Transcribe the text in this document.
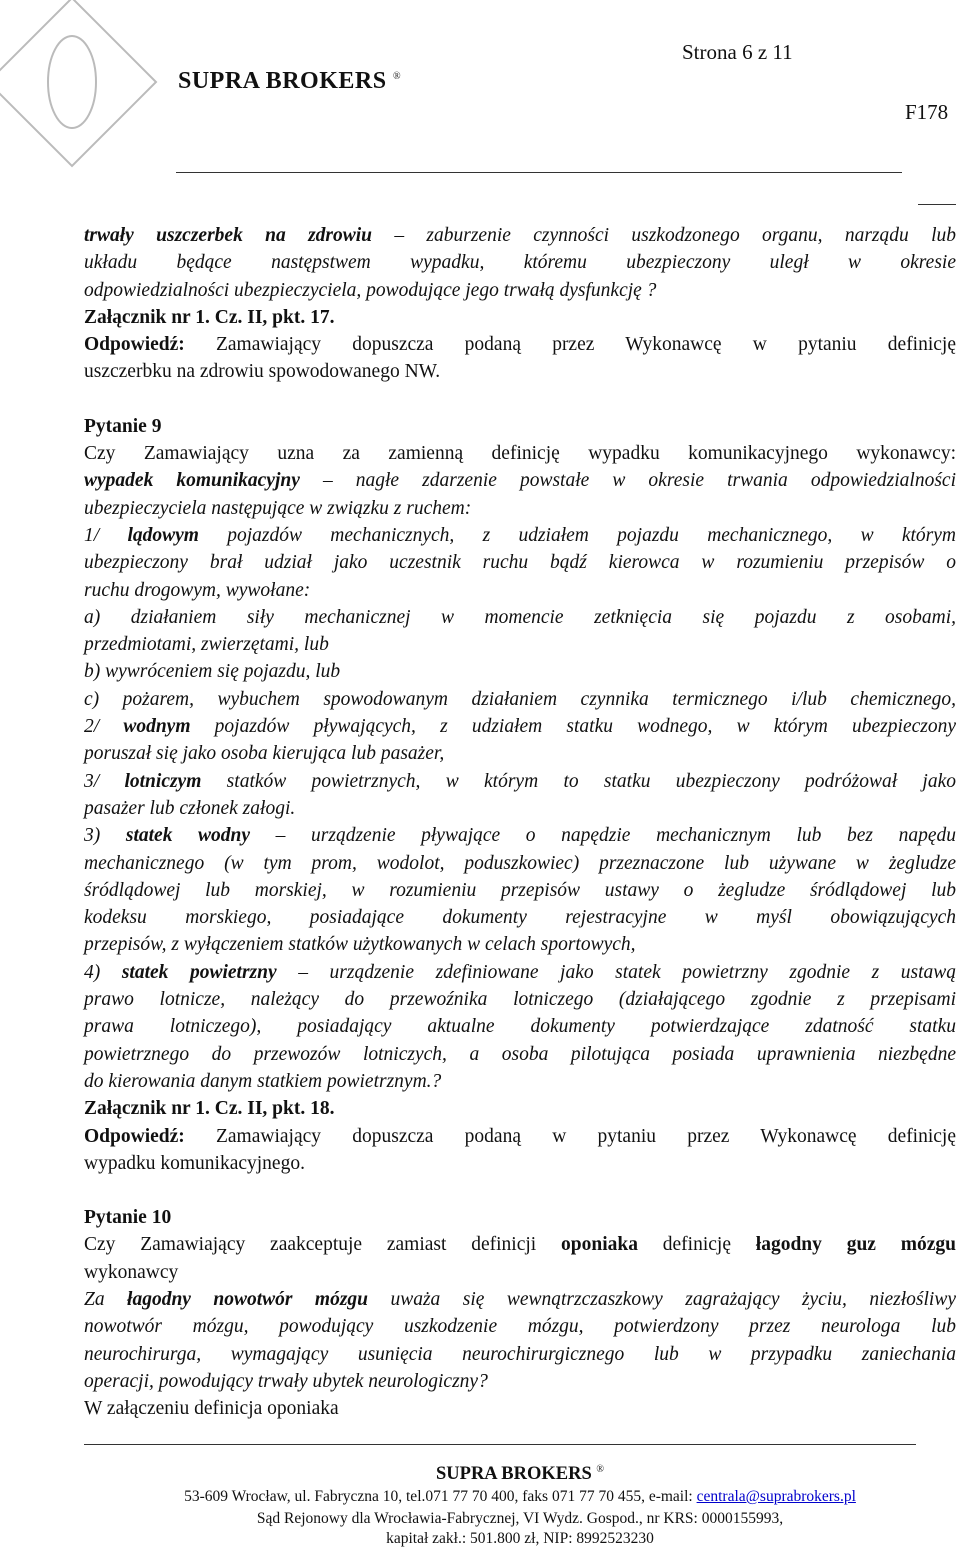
Strona 6 z 11
SUPRA BROKERS ®
F178

trwały uszczerbek na zdrowiu – zaburzenie czynności uszkodzonego organu, narządu lub

układu będące następstwem wypadku, któremu ubezpieczony uległ w okresie

odpowiedzialności ubezpieczyciela, powodujące jego trwałą dysfunkcję ?

Załącznik nr 1. Cz. II, pkt. 17.

Odpowiedź: Zamawiający dopuszcza podaną przez Wykonawcę w pytaniu definicję

uszczerbku na zdrowiu spowodowanego NW.

Pytanie 9

Czy Zamawiający uzna za zamienną definicję wypadku komunikacyjnego wykonawcy:

wypadek komunikacyjny – nagłe zdarzenie powstałe w okresie trwania odpowiedzialności

ubezpieczyciela następujące w związku z ruchem:

1/ lądowym pojazdów mechanicznych, z udziałem pojazdu mechanicznego, w którym

ubezpieczony brał udział jako uczestnik ruchu bądź kierowca w rozumieniu przepisów o

ruchu drogowym, wywołane:

a) działaniem siły mechanicznej w momencie zetknięcia się pojazdu z osobami,

przedmiotami, zwierzętami, lub

b) wywróceniem się pojazdu, lub

c) pożarem, wybuchem spowodowanym działaniem czynnika termicznego i/lub chemicznego,

2/ wodnym pojazdów pływających, z udziałem statku wodnego, w którym ubezpieczony

poruszał się jako osoba kierująca lub pasażer,

3/ lotniczym statków powietrznych, w którym to statku ubezpieczony podróżował jako

pasażer lub członek załogi.

3) statek wodny – urządzenie pływające o napędzie mechanicznym lub bez napędu

mechanicznego (w tym prom, wodolot, poduszkowiec) przeznaczone lub używane w żegludze

śródlądowej lub morskiej, w rozumieniu przepisów ustawy o żegludze śródlądowej lub

kodeksu morskiego, posiadające dokumenty rejestracyjne w myśl obowiązujących

przepisów, z wyłączeniem statków użytkowanych w celach sportowych,

4) statek powietrzny – urządzenie zdefiniowane jako statek powietrzny zgodnie z ustawą

prawo lotnicze, należący do przewoźnika lotniczego (działającego zgodnie z przepisami

prawa lotniczego), posiadający aktualne dokumenty potwierdzające zdatność statku

powietrznego do przewozów lotniczych, a osoba pilotująca posiada uprawnienia niezbędne

do kierowania danym statkiem powietrznym.?

Załącznik nr 1. Cz. II, pkt. 18.

Odpowiedź: Zamawiający dopuszcza podaną w pytaniu przez Wykonawcę definicję

wypadku komunikacyjnego.

Pytanie 10

Czy Zamawiający zaakceptuje zamiast definicji oponiaka definicję łagodny guz mózgu

wykonawcy

Za łagodny nowotwór mózgu uważa się wewnątrzczaszkowy zagrażający życiu, niezłośliwy

nowotwór mózgu, powodujący uszkodzenie mózgu, potwierdzony przez neurologa lub

neurochirurga, wymagający usunięcia neurochirurgicznego lub w przypadku zaniechania

operacji, powodujący trwały ubytek neurologiczny?

W załączeniu definicja oponiaka

SUPRA BROKERS ®
53-609 Wrocław, ul. Fabryczna 10, tel.071 77 70 400, faks 071 77 70 455, e-mail: centrala@suprabrokers.pl
Sąd Rejonowy dla Wrocławia-Fabrycznej, VI Wydz. Gospod., nr KRS: 0000155993,
kapitał zakł.: 501.800 zł, NIP: 8992523230
